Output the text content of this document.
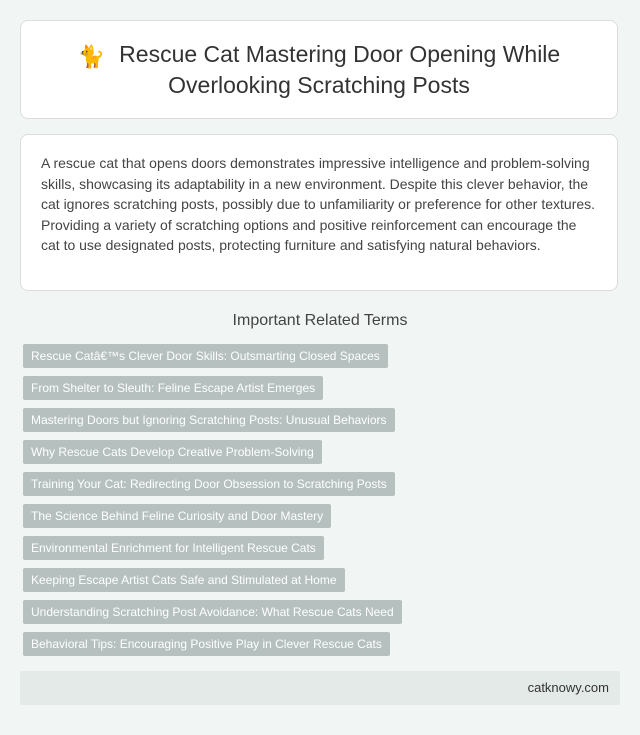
🐈 Rescue Cat Mastering Door Opening While Overlooking Scratching Posts

A rescue cat that opens doors demonstrates impressive intelligence and problem-solving skills, showcasing its adaptability in a new environment. Despite this clever behavior, the cat ignores scratching posts, possibly due to unfamiliarity or preference for other textures. Providing a variety of scratching options and positive reinforcement can encourage the cat to use designated posts, protecting furniture and satisfying natural behaviors.

Important Related Terms
Rescue Catâ€™s Clever Door Skills: Outsmarting Closed Spaces
From Shelter to Sleuth: Feline Escape Artist Emerges
Mastering Doors but Ignoring Scratching Posts: Unusual Behaviors
Why Rescue Cats Develop Creative Problem-Solving
Training Your Cat: Redirecting Door Obsession to Scratching Posts
The Science Behind Feline Curiosity and Door Mastery
Environmental Enrichment for Intelligent Rescue Cats
Keeping Escape Artist Cats Safe and Stimulated at Home
Understanding Scratching Post Avoidance: What Rescue Cats Need
Behavioral Tips: Encouraging Positive Play in Clever Rescue Cats
catknowy.com
